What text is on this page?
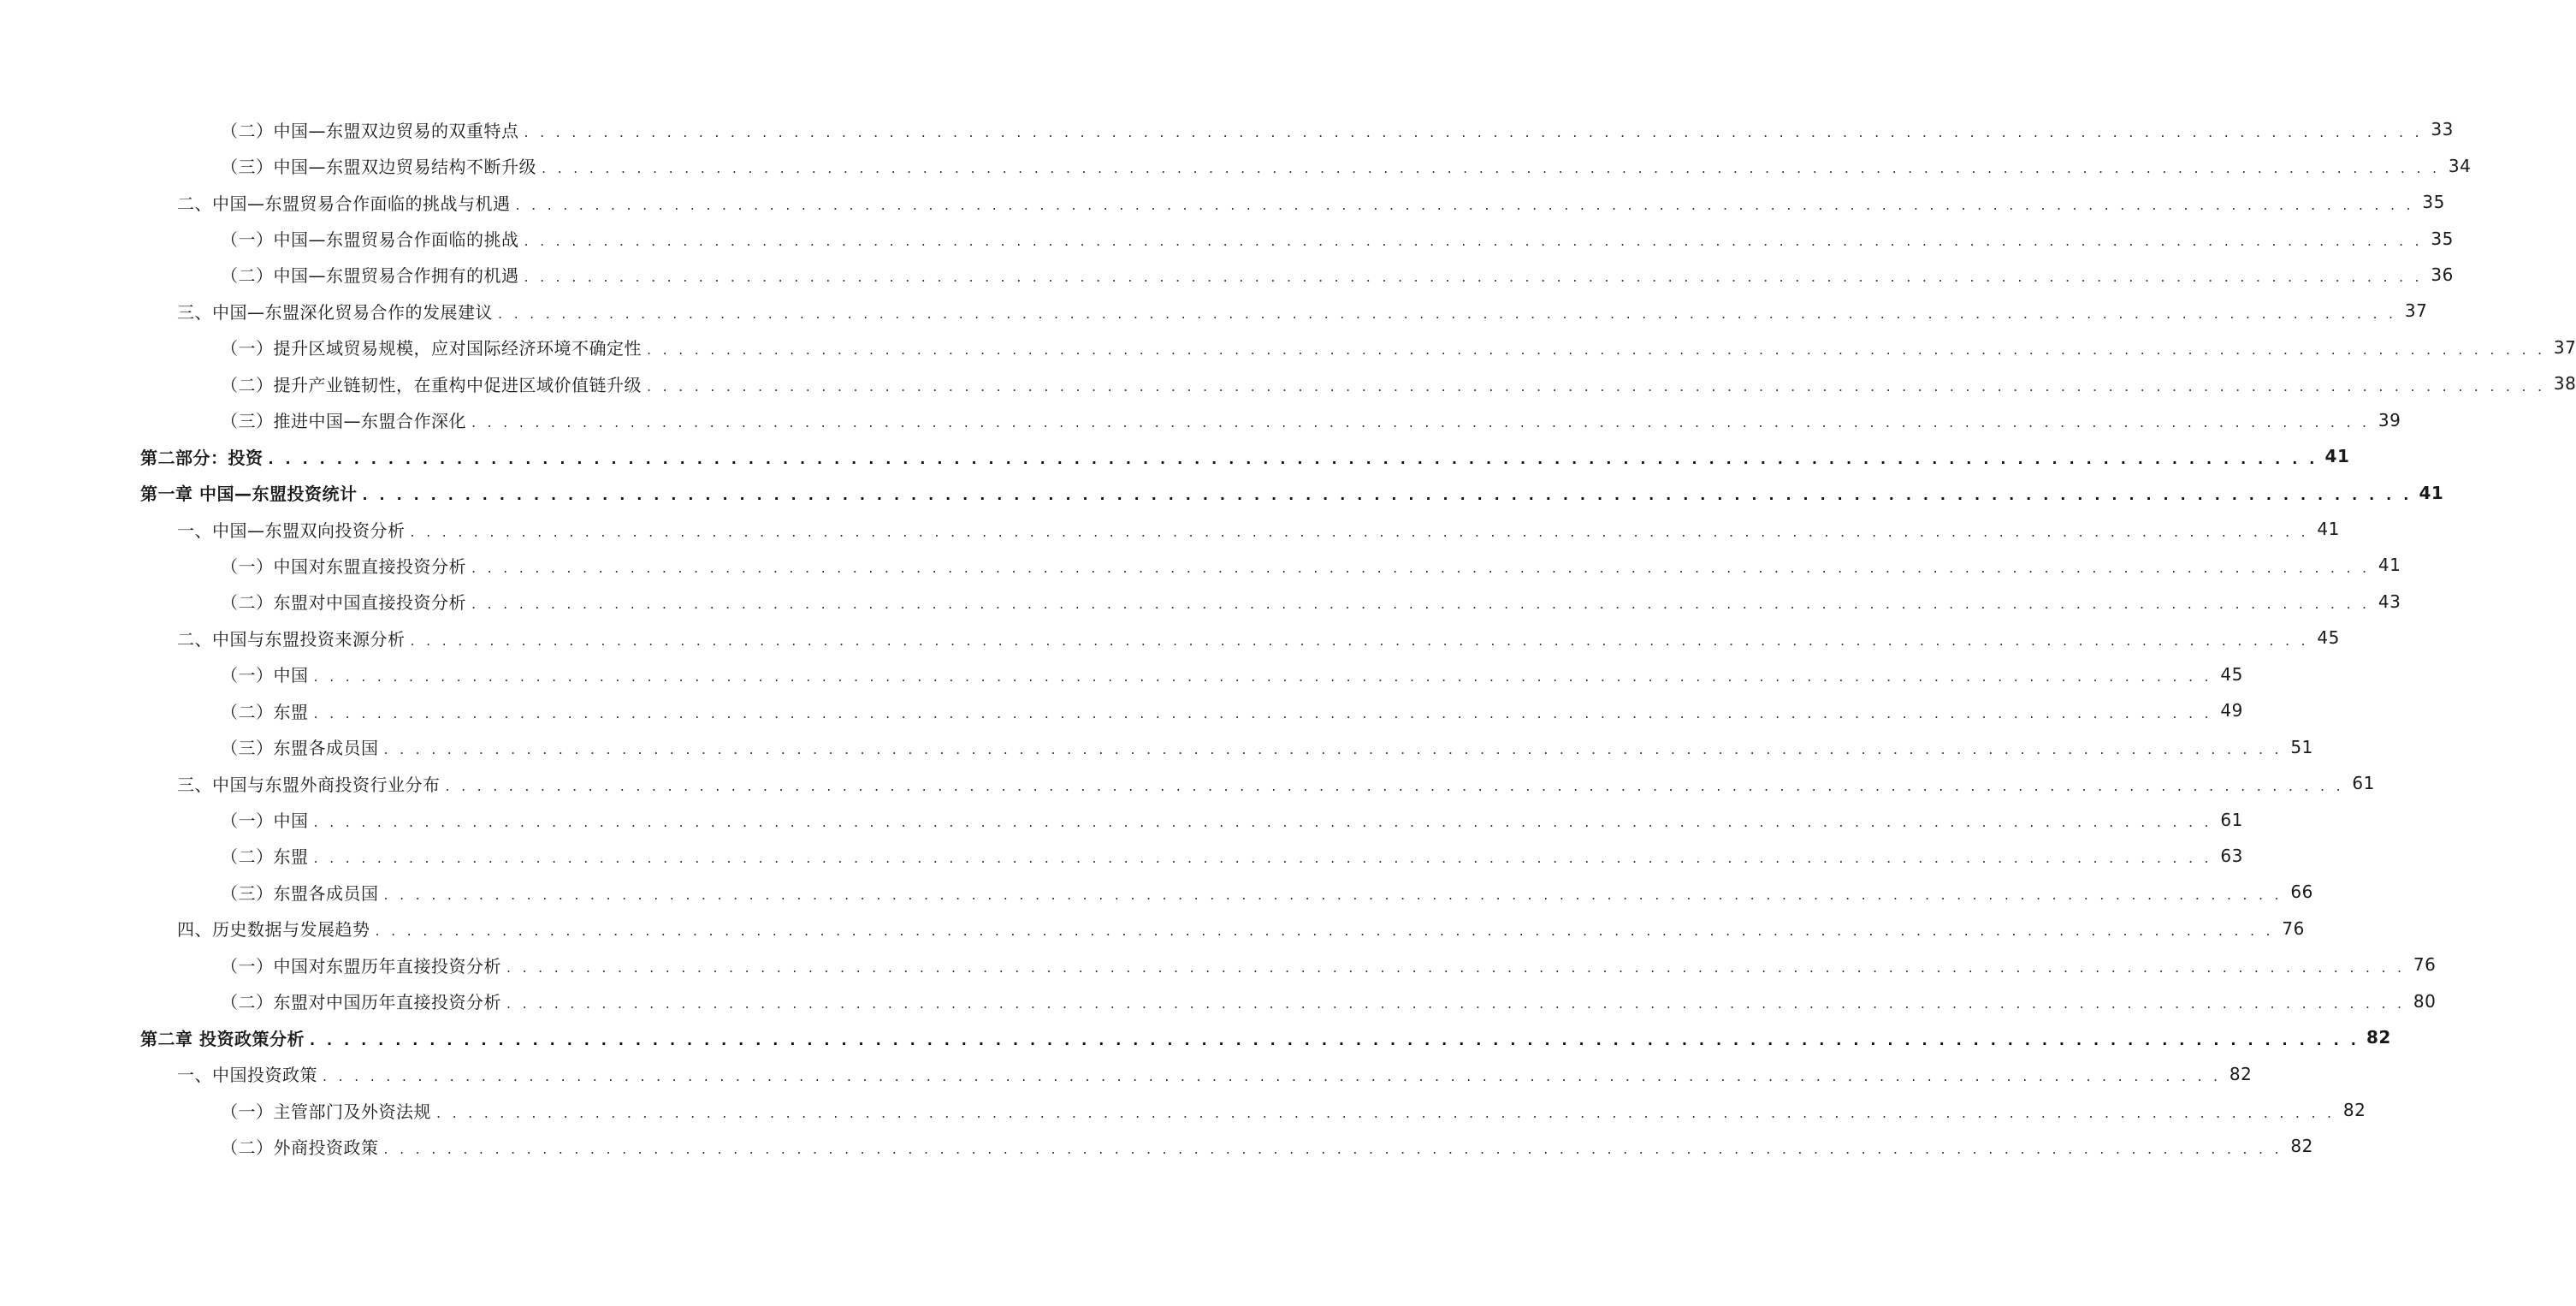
（二）中国—东盟双边贸易的双重特点 . . . . . . . . . . . . . . . . . . . . . . . . . . . . . . . . . . . . . . . . . . . . . . . . . . . . . . . . . . . . . . . . . . . . . . . . . . . . . . . . . . . . . . . . . . . . . . . . . . . . . . . . . . . . . . . . . . . . . . . . 33
（三）中国—东盟双边贸易结构不断升级 . . . . . . . . . . . . . . . . . . . . . . . . . . . . . . . . . . . . . . . . . . . . . . . . . . . . . . . . . . . . . . . . . . . . . . . . . . . . . . . . . . . . . . . . . . . . . . . . . . . . . . . . . . . . . . . . . . . . . . . . 34
二、中国—东盟贸易合作面临的挑战与机遇 . . . . . . . . . . . . . . . . . . . . . . . . . . . . . . . . . . . . . . . . . . . . . . . . . . . . . . . . . . . . . . . . . . . . . . . . . . . . . . . . . . . . . . . . . . . . . . . . . . . . . . . . . . . . . . . . . . . . . . . . 35
（一）中国—东盟贸易合作面临的挑战 . . . . . . . . . . . . . . . . . . . . . . . . . . . . . . . . . . . . . . . . . . . . . . . . . . . . . . . . . . . . . . . . . . . . . . . . . . . . . . . . . . . . . . . . . . . . . . . . . . . . . . . . . . . . . . . . . . . . . . . . 35
（二）中国—东盟贸易合作拥有的机遇 . . . . . . . . . . . . . . . . . . . . . . . . . . . . . . . . . . . . . . . . . . . . . . . . . . . . . . . . . . . . . . . . . . . . . . . . . . . . . . . . . . . . . . . . . . . . . . . . . . . . . . . . . . . . . . . . . . . . . . . . 36
三、中国—东盟深化贸易合作的发展建议 . . . . . . . . . . . . . . . . . . . . . . . . . . . . . . . . . . . . . . . . . . . . . . . . . . . . . . . . . . . . . . . . . . . . . . . . . . . . . . . . . . . . . . . . . . . . . . . . . . . . . . . . . . . . . . . . . . . . . . . . 37
（一）提升区域贸易规模，应对国际经济环境不确定性 . . . . . . . . . . . . . . . . . . . . . . . . . . . . . . . . . . . . . . . . . . . . . . . . . . . . . . . . . . . . . . . . . . . . . . . . . . . . . . . . . . . . . . . . . . . . . . . . . . . . . . . . . . . . . . . . . . . . . . . . 37
（二）提升产业链韧性，在重构中促进区域价值链升级 . . . . . . . . . . . . . . . . . . . . . . . . . . . . . . . . . . . . . . . . . . . . . . . . . . . . . . . . . . . . . . . . . . . . . . . . . . . . . . . . . . . . . . . . . . . . . . . . . . . . . . . . . . . . . . . . . . . . . . . . 38
（三）推进中国—东盟合作深化 . . . . . . . . . . . . . . . . . . . . . . . . . . . . . . . . . . . . . . . . . . . . . . . . . . . . . . . . . . . . . . . . . . . . . . . . . . . . . . . . . . . . . . . . . . . . . . . . . . . . . . . . . . . . . . . . . . . . . . . . 39
第二部分：投资 . . . . . . . . . . . . . . . . . . . . . . . . . . . . . . . . . . . . . . . . . . . . . . . . . . . . . . . . . . . . . . . . . . . . . . . . . . . . . . . . . . . . . . . . . . . . . . . . . . . . . . . . . . . . . . . . . . . . . . . . 41
第一章 中国—东盟投资统计 . . . . . . . . . . . . . . . . . . . . . . . . . . . . . . . . . . . . . . . . . . . . . . . . . . . . . . . . . . . . . . . . . . . . . . . . . . . . . . . . . . . . . . . . . . . . . . . . . . . . . . . . . . . . . . . . . . . . . . . . 41
一、中国—东盟双向投资分析 . . . . . . . . . . . . . . . . . . . . . . . . . . . . . . . . . . . . . . . . . . . . . . . . . . . . . . . . . . . . . . . . . . . . . . . . . . . . . . . . . . . . . . . . . . . . . . . . . . . . . . . . . . . . . . . . . . . . . . . . 41
（一）中国对东盟直接投资分析 . . . . . . . . . . . . . . . . . . . . . . . . . . . . . . . . . . . . . . . . . . . . . . . . . . . . . . . . . . . . . . . . . . . . . . . . . . . . . . . . . . . . . . . . . . . . . . . . . . . . . . . . . . . . . . . . . . . . . . . . 41
（二）东盟对中国直接投资分析 . . . . . . . . . . . . . . . . . . . . . . . . . . . . . . . . . . . . . . . . . . . . . . . . . . . . . . . . . . . . . . . . . . . . . . . . . . . . . . . . . . . . . . . . . . . . . . . . . . . . . . . . . . . . . . . . . . . . . . . . 43
二、中国与东盟投资来源分析 . . . . . . . . . . . . . . . . . . . . . . . . . . . . . . . . . . . . . . . . . . . . . . . . . . . . . . . . . . . . . . . . . . . . . . . . . . . . . . . . . . . . . . . . . . . . . . . . . . . . . . . . . . . . . . . . . . . . . . . . 45
（一）中国 . . . . . . . . . . . . . . . . . . . . . . . . . . . . . . . . . . . . . . . . . . . . . . . . . . . . . . . . . . . . . . . . . . . . . . . . . . . . . . . . . . . . . . . . . . . . . . . . . . . . . . . . . . . . . . . . . . . . . . . . 45
（二）东盟 . . . . . . . . . . . . . . . . . . . . . . . . . . . . . . . . . . . . . . . . . . . . . . . . . . . . . . . . . . . . . . . . . . . . . . . . . . . . . . . . . . . . . . . . . . . . . . . . . . . . . . . . . . . . . . . . . . . . . . . . 49
（三）东盟各成员国 . . . . . . . . . . . . . . . . . . . . . . . . . . . . . . . . . . . . . . . . . . . . . . . . . . . . . . . . . . . . . . . . . . . . . . . . . . . . . . . . . . . . . . . . . . . . . . . . . . . . . . . . . . . . . . . . . . . . . . . . 51
三、中国与东盟外商投资行业分布 . . . . . . . . . . . . . . . . . . . . . . . . . . . . . . . . . . . . . . . . . . . . . . . . . . . . . . . . . . . . . . . . . . . . . . . . . . . . . . . . . . . . . . . . . . . . . . . . . . . . . . . . . . . . . . . . . . . . . . . . 61
（一）中国 . . . . . . . . . . . . . . . . . . . . . . . . . . . . . . . . . . . . . . . . . . . . . . . . . . . . . . . . . . . . . . . . . . . . . . . . . . . . . . . . . . . . . . . . . . . . . . . . . . . . . . . . . . . . . . . . . . . . . . . . 61
（二）东盟 . . . . . . . . . . . . . . . . . . . . . . . . . . . . . . . . . . . . . . . . . . . . . . . . . . . . . . . . . . . . . . . . . . . . . . . . . . . . . . . . . . . . . . . . . . . . . . . . . . . . . . . . . . . . . . . . . . . . . . . . 63
（三）东盟各成员国 . . . . . . . . . . . . . . . . . . . . . . . . . . . . . . . . . . . . . . . . . . . . . . . . . . . . . . . . . . . . . . . . . . . . . . . . . . . . . . . . . . . . . . . . . . . . . . . . . . . . . . . . . . . . . . . . . . . . . . . . 66
四、历史数据与发展趋势 . . . . . . . . . . . . . . . . . . . . . . . . . . . . . . . . . . . . . . . . . . . . . . . . . . . . . . . . . . . . . . . . . . . . . . . . . . . . . . . . . . . . . . . . . . . . . . . . . . . . . . . . . . . . . . . . . . . . . . . . 76
（一）中国对东盟历年直接投资分析 . . . . . . . . . . . . . . . . . . . . . . . . . . . . . . . . . . . . . . . . . . . . . . . . . . . . . . . . . . . . . . . . . . . . . . . . . . . . . . . . . . . . . . . . . . . . . . . . . . . . . . . . . . . . . . . . . . . . . . . . 76
（二）东盟对中国历年直接投资分析 . . . . . . . . . . . . . . . . . . . . . . . . . . . . . . . . . . . . . . . . . . . . . . . . . . . . . . . . . . . . . . . . . . . . . . . . . . . . . . . . . . . . . . . . . . . . . . . . . . . . . . . . . . . . . . . . . . . . . . . . 80
第二章 投资政策分析 . . . . . . . . . . . . . . . . . . . . . . . . . . . . . . . . . . . . . . . . . . . . . . . . . . . . . . . . . . . . . . . . . . . . . . . . . . . . . . . . . . . . . . . . . . . . . . . . . . . . . . . . . . . . . . . . . . . . . . . . 82
一、中国投资政策 . . . . . . . . . . . . . . . . . . . . . . . . . . . . . . . . . . . . . . . . . . . . . . . . . . . . . . . . . . . . . . . . . . . . . . . . . . . . . . . . . . . . . . . . . . . . . . . . . . . . . . . . . . . . . . . . . . . . . . . . 82
（一）主管部门及外资法规 . . . . . . . . . . . . . . . . . . . . . . . . . . . . . . . . . . . . . . . . . . . . . . . . . . . . . . . . . . . . . . . . . . . . . . . . . . . . . . . . . . . . . . . . . . . . . . . . . . . . . . . . . . . . . . . . . . . . . . . . 82
（二）外商投资政策 . . . . . . . . . . . . . . . . . . . . . . . . . . . . . . . . . . . . . . . . . . . . . . . . . . . . . . . . . . . . . . . . . . . . . . . . . . . . . . . . . . . . . . . . . . . . . . . . . . . . . . . . . . . . . . . . . . . . . . . . 82
